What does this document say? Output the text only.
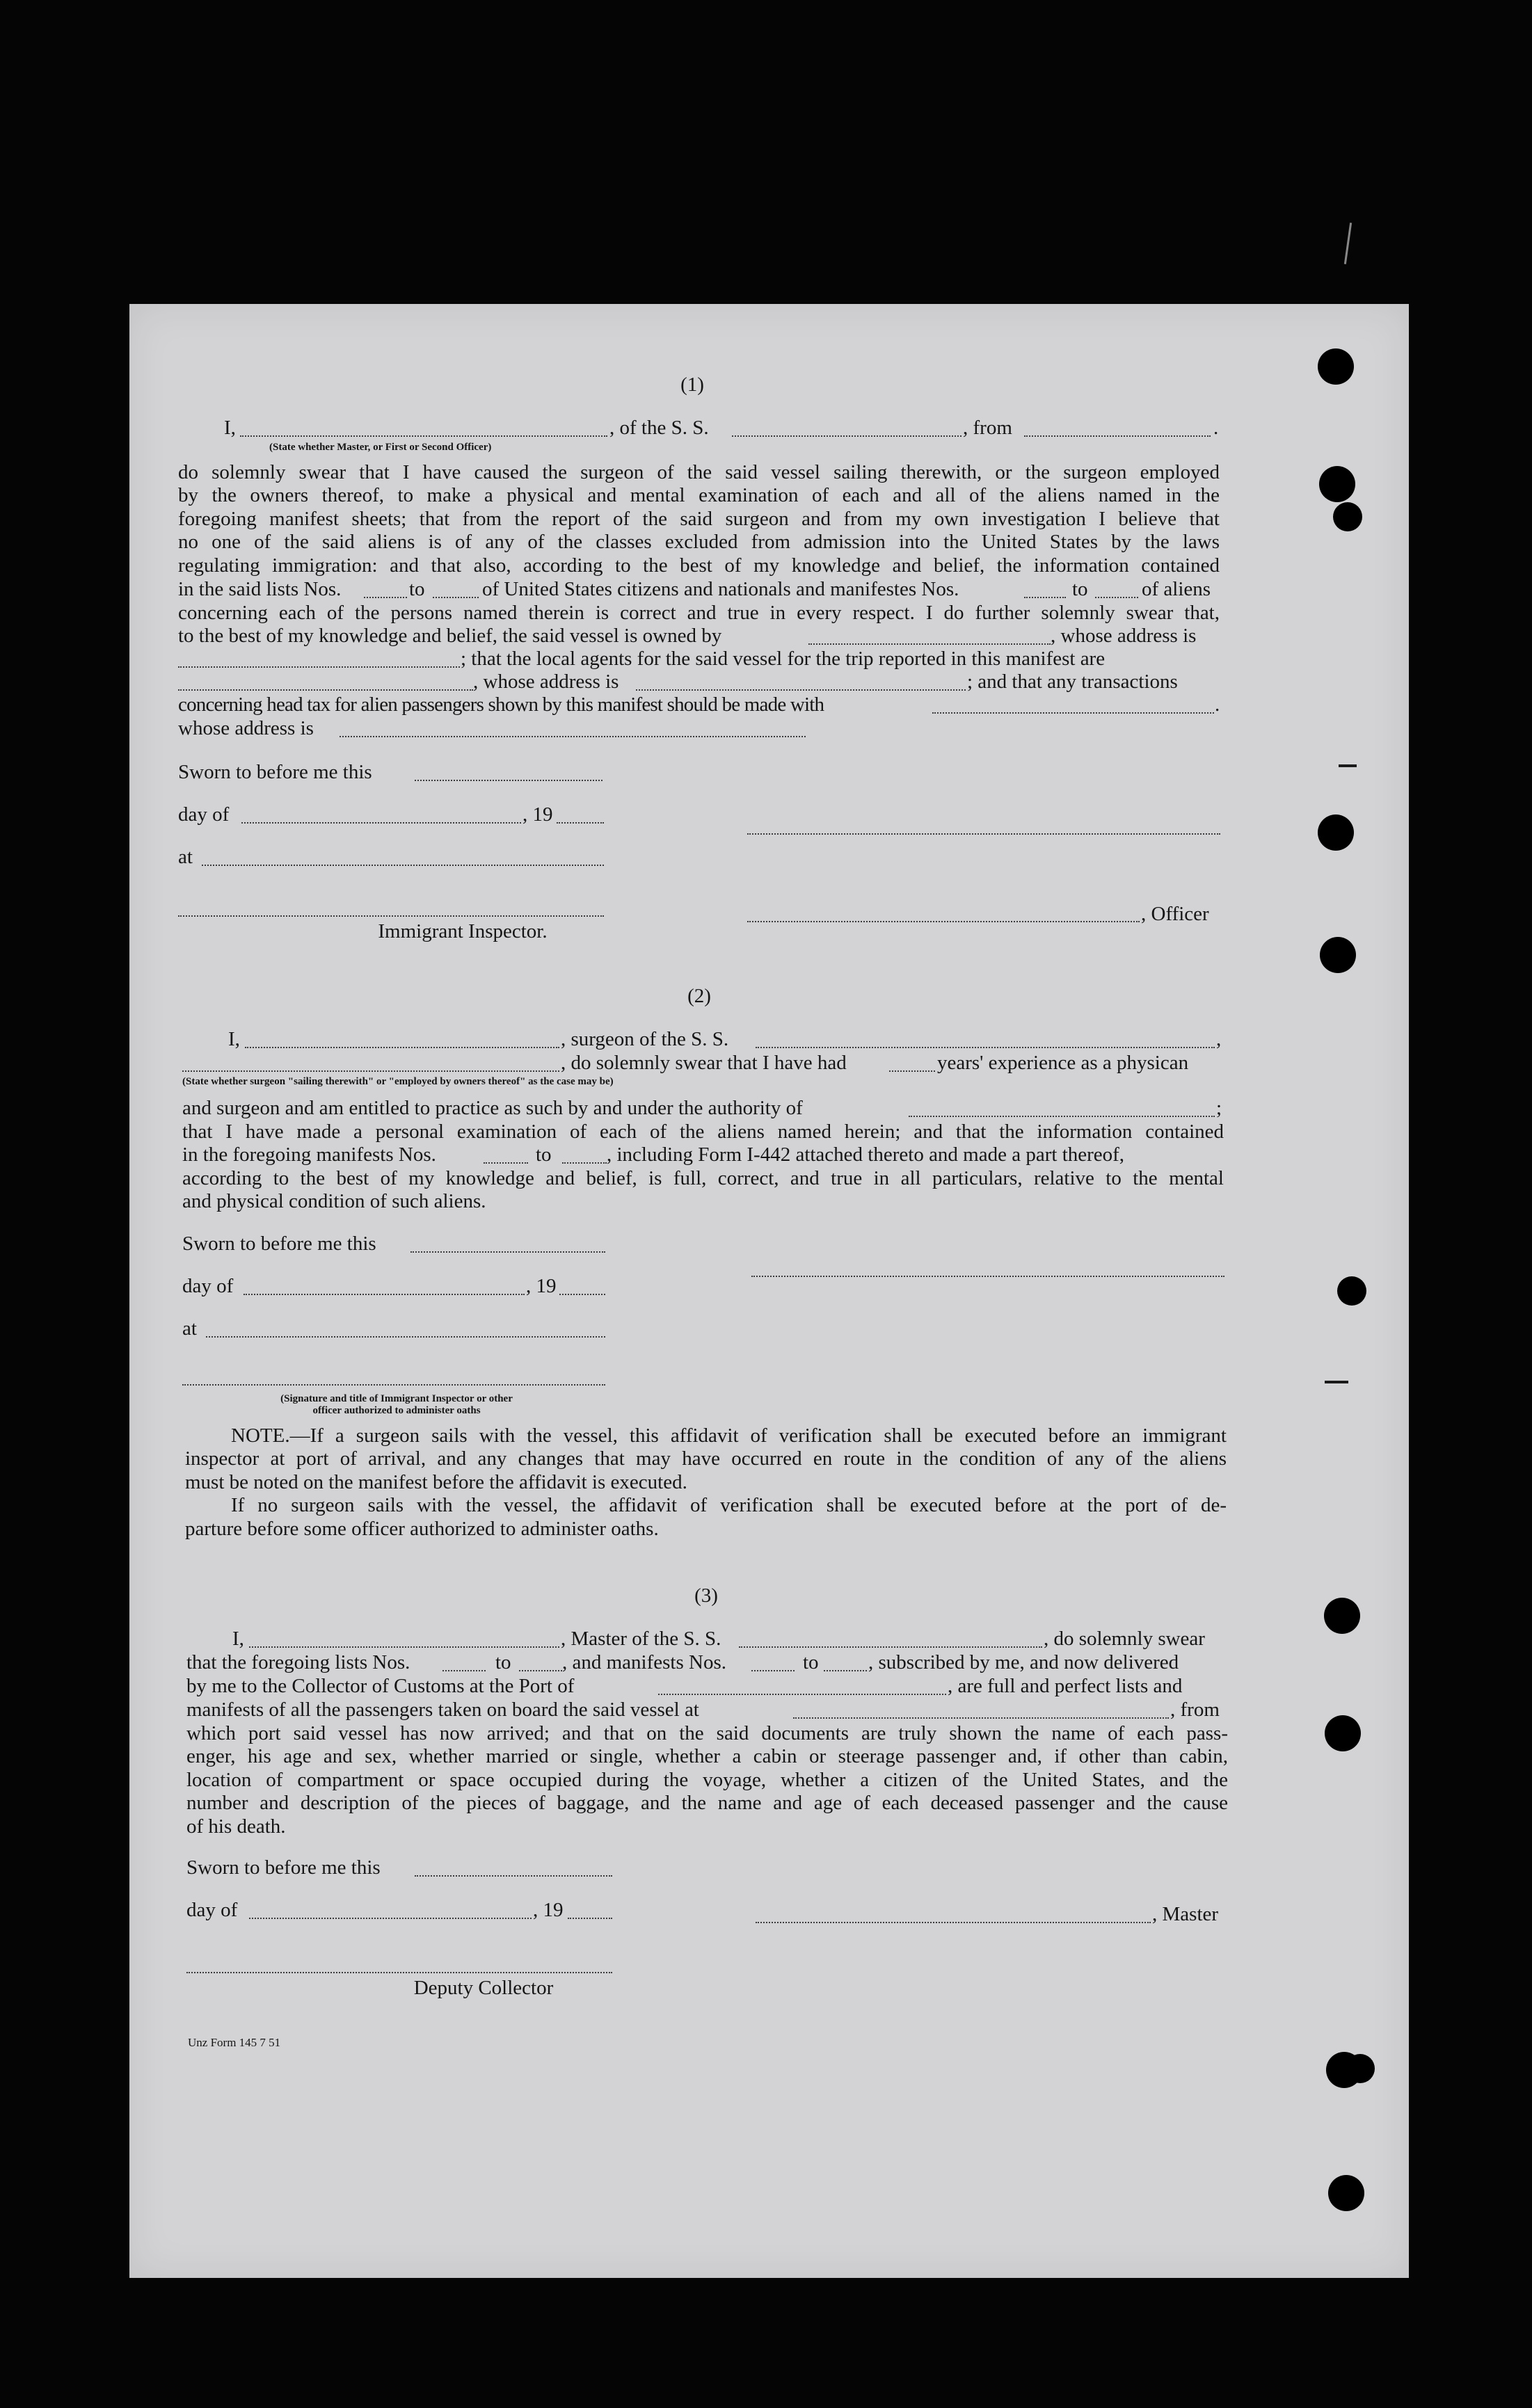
(1)
I,	, of the S. S.	, from	.
(State whether Master, or First or Second Officer)
do solemnly swear that I have caused the surgeon of the said vessel sailing therewith, or the surgeon employed
by the owners thereof, to make a physical and mental examination of each and all of the aliens named in the
foregoing manifest sheets; that from the report of the said surgeon and from my own investigation I believe that
no one of the said aliens is of any of the classes excluded from admission into the United States by the laws
regulating immigration: and that also, according to the best of my knowledge and belief, the information contained
in the said lists Nos.	to	of United States citizens and nationals and manifestes Nos.	to	of aliens
concerning each of the persons named therein is correct and true in every respect. I do further solemnly swear that,
to the best of my knowledge and belief, the said vessel is owned by	, whose address is
; that the local agents for the said vessel for the trip reported in this manifest are
, whose address is	; and that any transactions
concerning head tax for alien passengers shown by this manifest should be made with	.
whose address is
Sworn to before me this
day of	, 19
at
, Officer
Immigrant Inspector.
(2)
I,	, surgeon of the S. S.	,
, do solemnly swear that I have had	years' experience as a physican
(State whether surgeon "sailing therewith" or "employed by owners thereof" as the case may be)
and surgeon and am entitled to practice as such by and under the authority of	;
that I have made a personal examination of each of the aliens named herein; and that the information contained
in the foregoing manifests Nos.	to	, including Form I-442 attached thereto and made a part thereof,
according to the best of my knowledge and belief, is full, correct, and true in all particulars, relative to the mental
and physical condition of such aliens.
Sworn to before me this
day of	, 19
at
(Signature and title of Immigrant Inspector or other
officer authorized to administer oaths
NOTE.—If a surgeon sails with the vessel, this affidavit of verification shall be executed before an immigrant
inspector at port of arrival, and any changes that may have occurred en route in the condition of any of the aliens
must be noted on the manifest before the affidavit is executed.
If no surgeon sails with the vessel, the affidavit of verification shall be executed before at the port of de-
parture before some officer authorized to administer oaths.
(3)
I,	, Master of the S. S.	, do solemnly swear
that the foregoing lists Nos.	to	, and manifests Nos.	to , subscribed by me, and now delivered
by me to the Collector of Customs at the Port of	, are full and perfect lists and
manifests of all the passengers taken on board the said vessel at	, from
which port said vessel has now arrived; and that on the said documents are truly shown the name of each pass-
enger, his age and sex, whether married or single, whether a cabin or steerage passenger and, if other than cabin,
location of compartment or space occupied during the voyage, whether a citizen of the United States, and the
number and description of the pieces of baggage, and the name and age of each deceased passenger and the cause
of his death.
Sworn to before me this
day of	, 19	, Master
Deputy Collector
Unz Form 145 7 51
